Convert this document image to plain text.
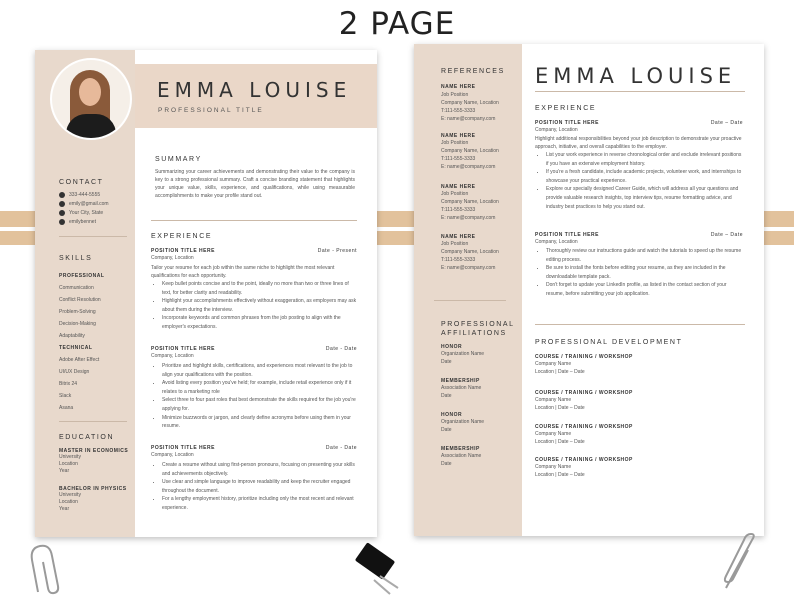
2 PAGE
EMMA LOUISE
PROFESSIONAL TITLE
CONTACT
333-444-5555
emily@gmail.com
Your City, State
emilybennet
SKILLS
PROFESSIONAL
Communication
Conflict Resolution
Problem-Solving
Decision-Making
Adaptability
TECHNICAL
Adobe After Effect
UI/UX Design
Bitrix 24
Slack
Asana
EDUCATION
MASTER IN ECONOMICS
University
Location
Year
BACHELOR IN PHYSICS
University
Location
Year
SUMMARY
Summarizing your career achievements and demonstrating their value to the company is key to a strong professional summary. Craft a concise branding statement that highlights your unique value, skills, experience, and qualifications, while using measurable accomplishments to make your profile stand out.
EXPERIENCE
POSITION TITLE HERE	Date - Present
Company, Location
Tailor your resume for each job within the same niche to highlight the most relevant qualifications for each opportunity.
• Keep bullet points concise and to the point, ideally no more than two or three lines of text, for better clarity and readability.
• Highlight your accomplishments effectively without exaggeration, as employers may ask about them during the interview.
• Incorporate keywords and common phrases from the job posting to align with the employer's expectations.
POSITION TITLE HERE	Date - Date
Company, Location
• Prioritize and highlight skills, certifications, and experiences most relevant to the job to align your qualifications with the position.
• Avoid listing every position you've held; for example, include retail experience only if it relates to a marketing role
• Select three to four past roles that best demonstrate the skills required for the job you're applying for.
• Minimize buzzwords or jargon, and clearly define acronyms before using them in your resume.
POSITION TITLE HERE	Date - Date
Company, Location
• Create a resume without using first-person pronouns, focusing on presenting your skills and achievements objectively.
• Use clear and simple language to improve readability and keep the recruiter engaged throughout the document.
• For a lengthy employment history, prioritize including only the most recent and relevant experience.
REFERENCES
NAME HERE
Job Position
Company Name, Location
T:111-555-3333
E: name@company.com
NAME HERE
Job Position
Company Name, Location
T:111-555-3333
E: name@company.com
NAME HERE
Job Position
Company Name, Location
T:111-555-3333
E: name@company.com
NAME HERE
Job Position
Company Name, Location
T:111-555-3333
E: name@company.com
PROFESSIONAL
AFFILIATIONS
HONOR
Organization Name
Date
MEMBERSHIP
Association Name
Date
HONOR
Organization Name
Date
MEMBERSHIP
Association Name
Date
EMMA LOUISE
EXPERIENCE
POSITION TITLE HERE	Date – Date
Company, Location
Highlight additional responsibilities beyond your job description to demonstrate your proactive approach, initiative, and overall capabilities to the employer.
• List your work experience in reverse chronological order and exclude irrelevant positions if you have an extensive employment history.
• If you're a fresh candidate, include academic projects, volunteer work, and internships to showcase your practical experience.
• Explore our specially designed Career Guide, which will address all your questions and provide valuable research insights, top interview tips, resume formatting advice, and industry best practices to help you stand out.
POSITION TITLE HERE	Date – Date
Company, Location
• Thoroughly review our instructions guide and watch the tutorials to speed up the resume editing process.
• Be sure to install the fonts before editing your resume, as they are included in the downloadable template pack.
• Don't forget to update your LinkedIn profile, as listed in the contact section of your resume, before submitting your job application.
PROFESSIONAL DEVELOPMENT
COURSE / TRAINING / WORKSHOP
Company Name
Location | Date – Date
COURSE / TRAINING / WORKSHOP
Company Name
Location | Date – Date
COURSE / TRAINING / WORKSHOP
Company Name
Location | Date – Date
COURSE / TRAINING / WORKSHOP
Company Name
Location | Date – Date
